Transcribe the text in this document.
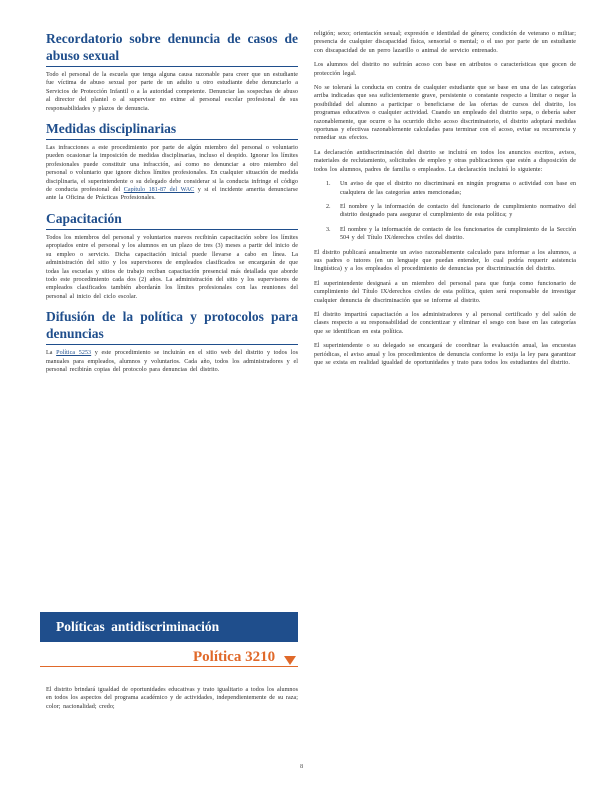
Recordatorio sobre denuncia de casos de abuso sexual

Todo el personal de la escuela que tenga alguna causa razonable para creer que un estudiante fue víctima de abuso sexual por parte de un adulto u otro estudiante debe denunciarlo a Servicios de Protección Infantil o a la autoridad competente. Denunciar las sospechas de abuso al director del plantel o al supervisor no exime al personal escolar profesional de sus responsabilidades y plazos de denuncia.

Medidas disciplinarias

Las infracciones a este procedimiento por parte de algún miembro del personal o voluntario pueden ocasionar la imposición de medidas disciplinarias, incluso el despido. Ignorar los límites profesionales puede constituir una infracción, así como no denunciar a otro miembro del personal o voluntario que ignore dichos límites profesionales. En cualquier situación de medida disciplinaria, el superintendente o su delegado debe considerar si la conducta infringe el código de conducta profesional del Capítulo 181-87 del WAC y si el incidente amerita denunciarse ante la Oficina de Prácticas Profesionales.

Capacitación

Todos los miembros del personal y voluntarios nuevos recibirán capacitación sobre los límites apropiados entre el personal y los alumnos en un plazo de tres (3) meses a partir del inicio de su empleo o servicio. Dicha capacitación inicial puede llevarse a cabo en línea. La administración del sitio y los supervisores de empleados clasificados se encargarán de que todas las escuelas y sitios de trabajo reciban capacitación presencial más detallada que aborde todo este procedimiento cada dos (2) años. La administración del sitio y los supervisores de empleados clasificados también abordarán los límites profesionales con las reuniones del personal al inicio del ciclo escolar.

Difusión de la política y protocolos para denuncias

La Política 5253 y este procedimiento se incluirán en el sitio web del distrito y todos los manuales para empleados, alumnos y voluntarios. Cada año, todos los administradores y el personal recibirán copias del protocolo para denuncias del distrito.

Políticas antidiscriminación
Política 3210

El distrito brindará igualdad de oportunidades educativas y trato igualitario a todos los alumnos en todos los aspectos del programa académico y de actividades, independientemente de su raza; color; nacionalidad; credo;

religión; sexo; orientación sexual; expresión e identidad de género; condición de veterano o militar; presencia de cualquier discapacidad física, sensorial o mental; o el uso por parte de un estudiante con discapacidad de un perro lazarillo o animal de servicio entrenado.

Los alumnos del distrito no sufrirán acoso con base en atributos o características que gocen de protección legal.

No se tolerará la conducta en contra de cualquier estudiante que se base en una de las categorías arriba indicadas que sea suficientemente grave, persistente o constante respecto a limitar o negar la posibilidad del alumno a participar o beneficiarse de las ofertas de cursos del distrito, los programas educativos o cualquier actividad. Cuando un empleado del distrito sepa, o debería saber razonablemente, que ocurre o ha ocurrido dicho acoso discriminatorio, el distrito adoptará medidas oportunas y efectivas razonablemente calculadas para terminar con el acoso, evitar su recurrencia y remediar sus efectos.

La declaración antidiscriminación del distrito se incluirá en todos los anuncios escritos, avisos, materiales de reclutamiento, solicitudes de empleo y otras publicaciones que estén a disposición de todos los alumnos, padres de familia o empleados. La declaración incluirá lo siguiente:

1.	Un aviso de que el distrito no discriminará en ningún programa o actividad con base en cualquiera de las categorías antes mencionadas;
2.	El nombre y la información de contacto del funcionario de cumplimiento normativo del distrito designado para asegurar el cumplimiento de esta política; y
3.	El nombre y la información de contacto de los funcionarios de cumplimiento de la Sección 504 y del Título IX/derechos civiles del distrito.

El distrito publicará anualmente un aviso razonablemente calculado para informar a los alumnos, a sus padres o tutores (en un lenguaje que puedan entender, lo cual podría requerir asistencia lingüística) y a los empleados el procedimiento de denuncias por discriminación del distrito.

El superintendente designará a un miembro del personal para que funja como funcionario de cumplimiento del Título IX/derechos civiles de esta política, quien será responsable de investigar cualquier denuncia de discriminación que se informe al distrito.

El distrito impartirá capacitación a los administradores y al personal certificado y del salón de clases respecto a su responsabilidad de concientizar y eliminar el sesgo con base en las categorías que se identifican en esta política.

El superintendente o su delegado se encargará de coordinar la evaluación anual, las encuestas periódicas, el aviso anual y los procedimientos de denuncia conforme lo exija la ley para garantizar que se exista en realidad igualdad de oportunidades y trato para todos los estudiantes del distrito.

8
